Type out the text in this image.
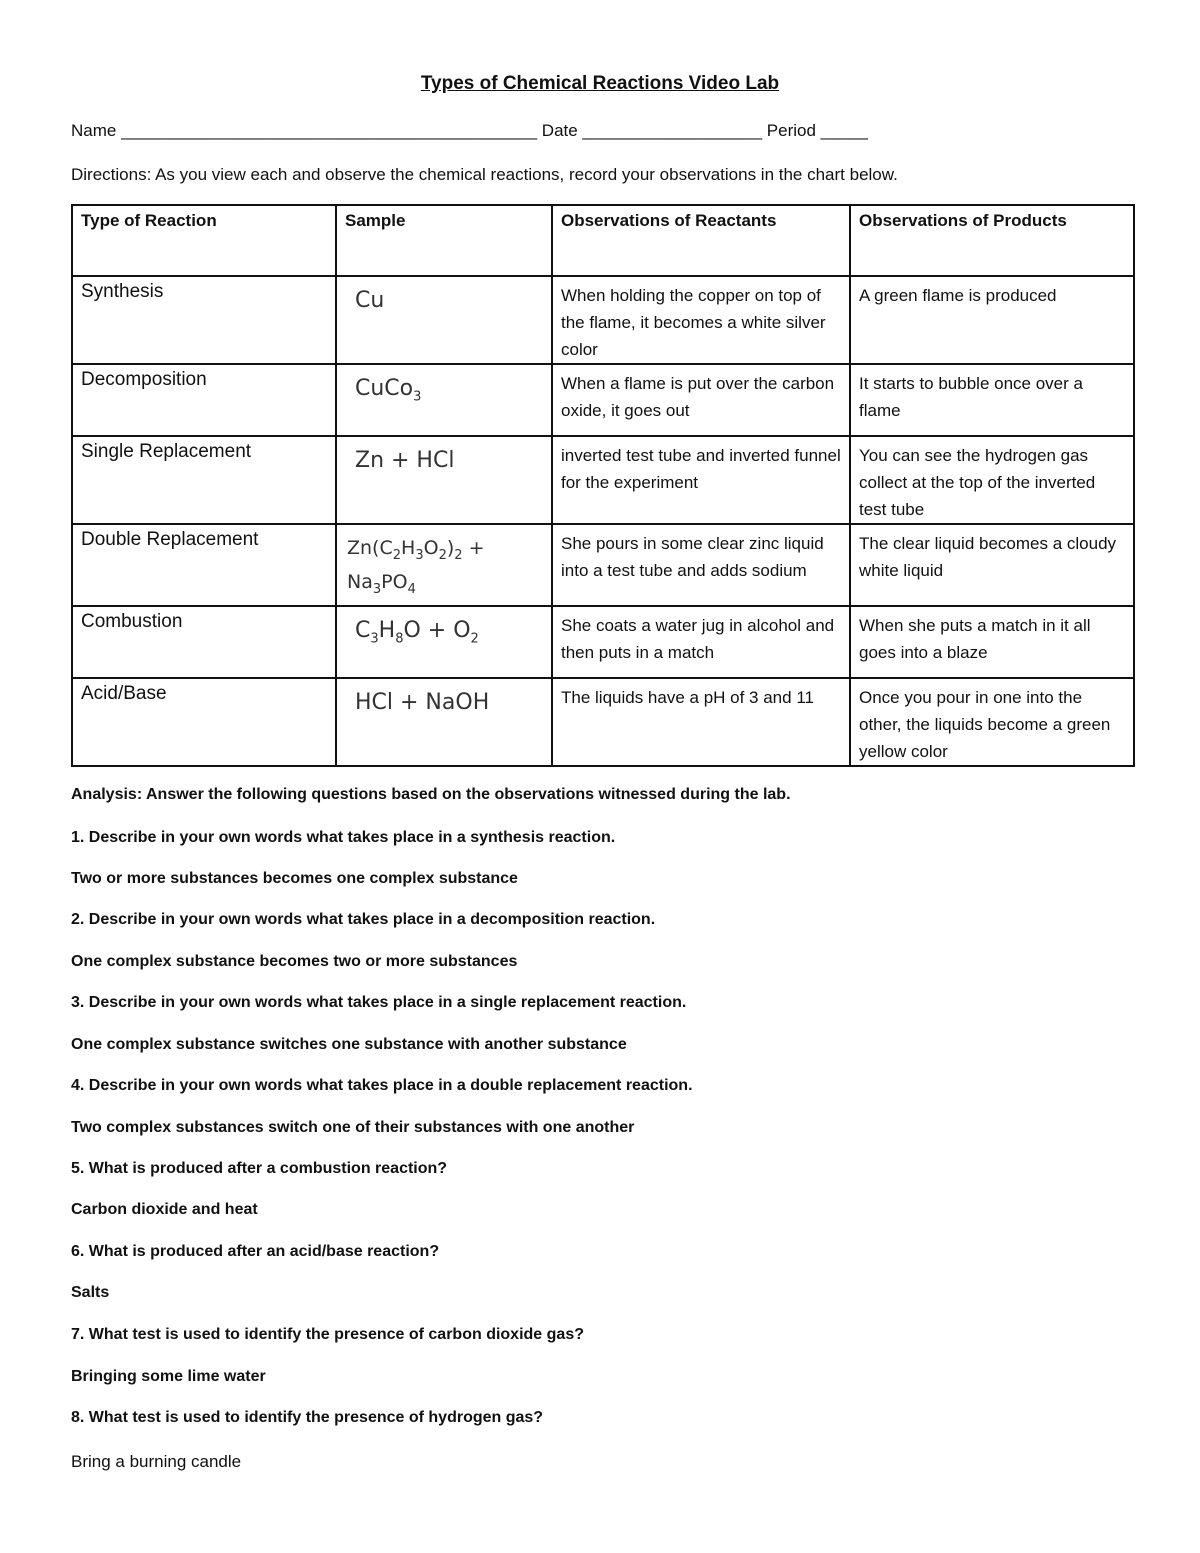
Types of Chemical Reactions Video Lab
Name ____________________________________________ Date ___________________ Period _____
Directions: As you view each and observe the chemical reactions, record your observations in the chart below.
Type of Reaction	Sample	Observations of Reactants	Observations of Products
Synthesis	Cu	When holding the copper on top of the flame, it becomes a white silver color	A green flame is produced
Decomposition	CuCo$_3$	When a flame is put over the carbon oxide, it goes out	It starts to bubble once over a flame
Single Replacement	Zn + HCl	inverted test tube and inverted funnel for the experiment	You can see the hydrogen gas collect at the top of the inverted test tube
Double Replacement	$Zn(C_2H_3O_2)_2 + Na_3PO_4$	She pours in some clear zinc liquid into a test tube and adds sodium	The clear liquid becomes a cloudy white liquid
Combustion	$C_3H_8O + O_2$	She coats a water jug in alcohol and then puts in a match	When she puts a match in it all goes into a blaze
Acid/Base	HCl + NaOH	The liquids have a pH of 3 and 11	Once you pour in one into the other, the liquids become a green yellow color
Analysis: Answer the following questions based on the observations witnessed during the lab.
1. Describe in your own words what takes place in a synthesis reaction.
Two or more substances becomes one complex substance
2. Describe in your own words what takes place in a decomposition reaction.
One complex substance becomes two or more substances
3. Describe in your own words what takes place in a single replacement reaction.
One complex substance switches one substance with another substance
4. Describe in your own words what takes place in a double replacement reaction.
Two complex substances switch one of their substances with one another
5. What is produced after a combustion reaction?
Carbon dioxide and heat
6. What is produced after an acid/base reaction?
Salts
7. What test is used to identify the presence of carbon dioxide gas?
Bringing some lime water
8. What test is used to identify the presence of hydrogen gas?
Bring a burning candle
